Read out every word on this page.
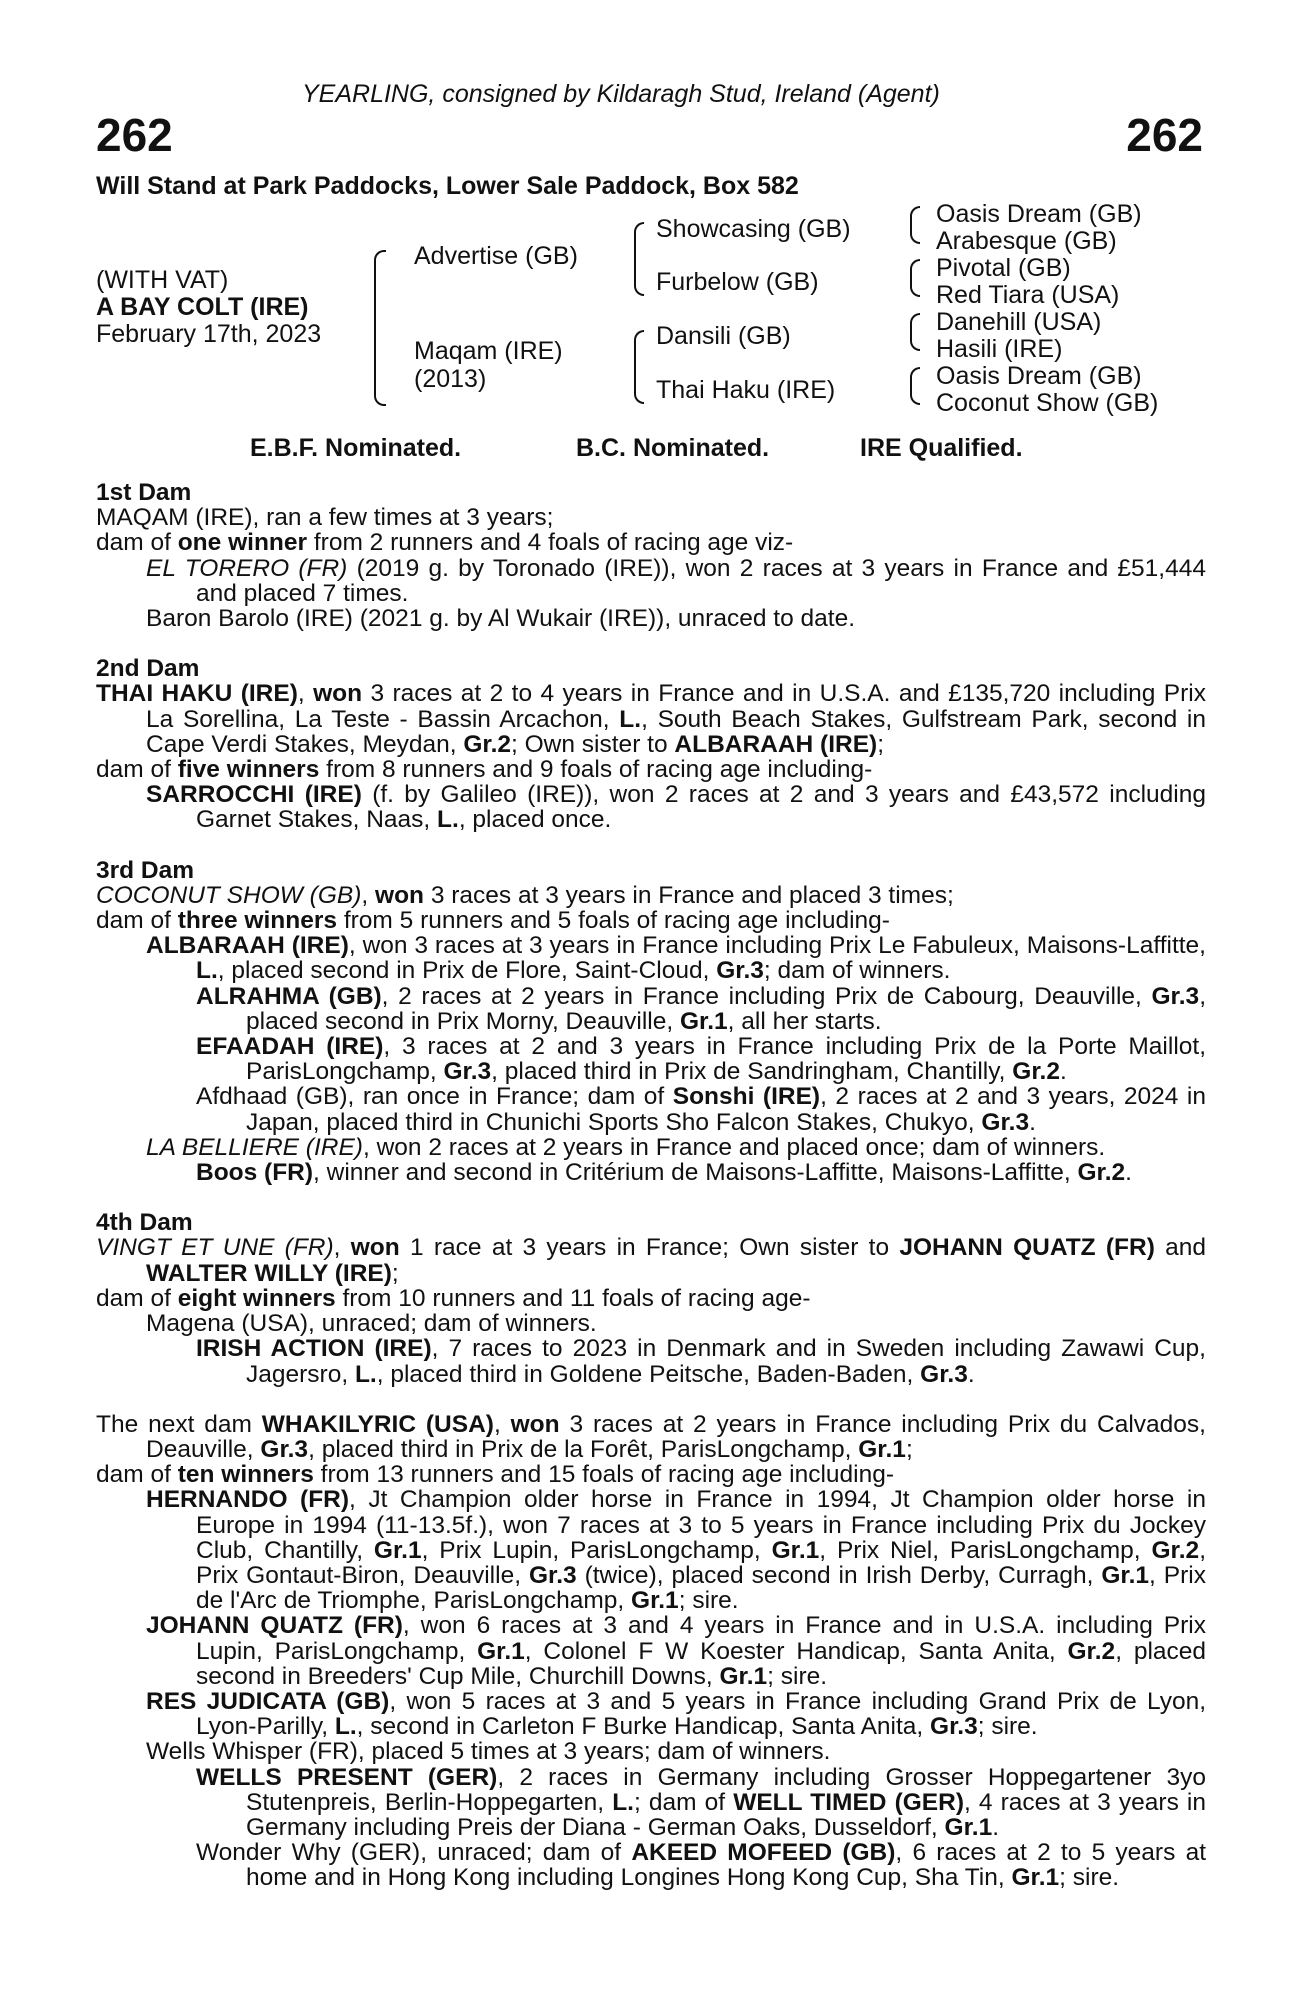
262	262
YEARLING, consigned by Kildaragh Stud, Ireland (Agent)
Will Stand at Park Paddocks, Lower Sale Paddock, Box 582
(WITH VAT)
A BAY COLT (IRE)
February 17th, 2023
Advertise (GB)
Maqam (IRE)
(2013)
Showcasing (GB)
Furbelow (GB)
Dansili (GB)
Thai Haku (IRE)
Oasis Dream (GB)
Arabesque (GB)
Pivotal (GB)
Red Tiara (USA)
Danehill (USA)
Hasili (IRE)
Oasis Dream (GB)
Coconut Show (GB)
E.B.F. Nominated.	B.C. Nominated.	IRE Qualified.
1st Dam
MAQAM (IRE), ran a few times at 3 years;
dam of one winner from 2 runners and 4 foals of racing age viz-
EL TORERO (FR) (2019 g. by Toronado (IRE)), won 2 races at 3 years in France and £51,444 and placed 7 times.
Baron Barolo (IRE) (2021 g. by Al Wukair (IRE)), unraced to date.
2nd Dam
THAI HAKU (IRE), won 3 races at 2 to 4 years in France and in U.S.A. and £135,720 including Prix La Sorellina, La Teste - Bassin Arcachon, L., South Beach Stakes, Gulfstream Park, second in Cape Verdi Stakes, Meydan, Gr.2; Own sister to ALBARAAH (IRE);
dam of five winners from 8 runners and 9 foals of racing age including-
SARROCCHI (IRE) (f. by Galileo (IRE)), won 2 races at 2 and 3 years and £43,572 including Garnet Stakes, Naas, L., placed once.
3rd Dam
COCONUT SHOW (GB), won 3 races at 3 years in France and placed 3 times;
dam of three winners from 5 runners and 5 foals of racing age including-
ALBARAAH (IRE), won 3 races at 3 years in France including Prix Le Fabuleux, Maisons-Laffitte, L., placed second in Prix de Flore, Saint-Cloud, Gr.3; dam of winners.
ALRAHMA (GB), 2 races at 2 years in France including Prix de Cabourg, Deauville, Gr.3, placed second in Prix Morny, Deauville, Gr.1, all her starts.
EFAADAH (IRE), 3 races at 2 and 3 years in France including Prix de la Porte Maillot, ParisLongchamp, Gr.3, placed third in Prix de Sandringham, Chantilly, Gr.2.
Afdhaad (GB), ran once in France; dam of Sonshi (IRE), 2 races at 2 and 3 years, 2024 in Japan, placed third in Chunichi Sports Sho Falcon Stakes, Chukyo, Gr.3.
LA BELLIERE (IRE), won 2 races at 2 years in France and placed once; dam of winners.
Boos (FR), winner and second in Critérium de Maisons-Laffitte, Maisons-Laffitte, Gr.2.
4th Dam
VINGT ET UNE (FR), won 1 race at 3 years in France; Own sister to JOHANN QUATZ (FR) and WALTER WILLY (IRE);
dam of eight winners from 10 runners and 11 foals of racing age-
Magena (USA), unraced; dam of winners.
IRISH ACTION (IRE), 7 races to 2023 in Denmark and in Sweden including Zawawi Cup, Jagersro, L., placed third in Goldene Peitsche, Baden-Baden, Gr.3.
The next dam WHAKILYRIC (USA), won 3 races at 2 years in France including Prix du Calvados, Deauville, Gr.3, placed third in Prix de la Forêt, ParisLongchamp, Gr.1;
dam of ten winners from 13 runners and 15 foals of racing age including-
HERNANDO (FR), Jt Champion older horse in France in 1994, Jt Champion older horse in Europe in 1994 (11-13.5f.), won 7 races at 3 to 5 years in France including Prix du Jockey Club, Chantilly, Gr.1, Prix Lupin, ParisLongchamp, Gr.1, Prix Niel, ParisLongchamp, Gr.2, Prix Gontaut-Biron, Deauville, Gr.3 (twice), placed second in Irish Derby, Curragh, Gr.1, Prix de l'Arc de Triomphe, ParisLongchamp, Gr.1; sire.
JOHANN QUATZ (FR), won 6 races at 3 and 4 years in France and in U.S.A. including Prix Lupin, ParisLongchamp, Gr.1, Colonel F W Koester Handicap, Santa Anita, Gr.2, placed second in Breeders' Cup Mile, Churchill Downs, Gr.1; sire.
RES JUDICATA (GB), won 5 races at 3 and 5 years in France including Grand Prix de Lyon, Lyon-Parilly, L., second in Carleton F Burke Handicap, Santa Anita, Gr.3; sire.
Wells Whisper (FR), placed 5 times at 3 years; dam of winners.
WELLS PRESENT (GER), 2 races in Germany including Grosser Hoppegartener 3yo Stutenpreis, Berlin-Hoppegarten, L.; dam of WELL TIMED (GER), 4 races at 3 years in Germany including Preis der Diana - German Oaks, Dusseldorf, Gr.1.
Wonder Why (GER), unraced; dam of AKEED MOFEED (GB), 6 races at 2 to 5 years at home and in Hong Kong including Longines Hong Kong Cup, Sha Tin, Gr.1; sire.
